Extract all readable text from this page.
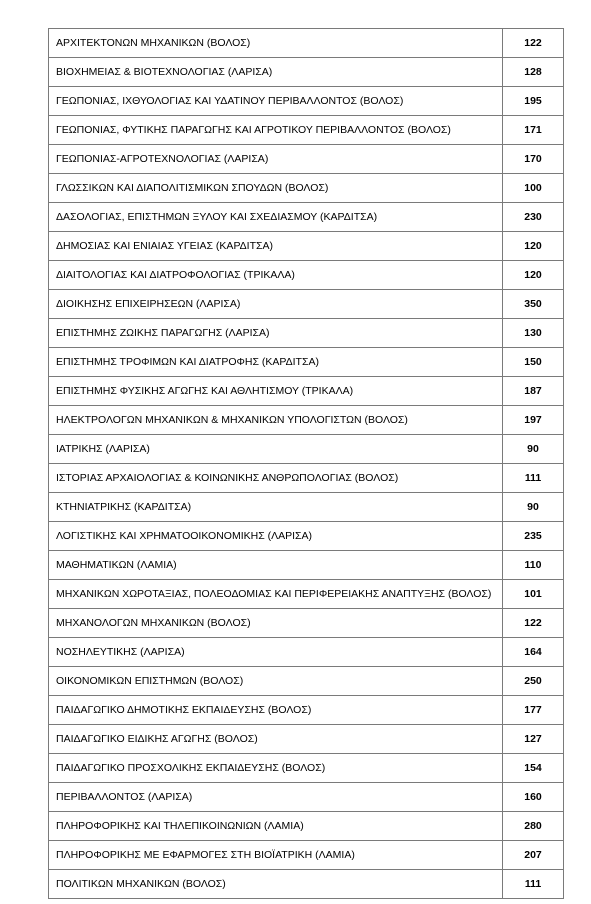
ΑΡΧΙΤΕΚΤΟΝΩΝ ΜΗΧΑΝΙΚΩΝ (ΒΟΛΟΣ)	122
ΒΙΟΧΗΜΕΙΑΣ & ΒΙΟΤΕΧΝΟΛΟΓΙΑΣ (ΛΑΡΙΣΑ)	128
ΓΕΩΠΟΝΙΑΣ, ΙΧΘΥΟΛΟΓΙΑΣ ΚΑΙ ΥΔΑΤΙΝΟΥ ΠΕΡΙΒΑΛΛΟΝΤΟΣ (ΒΟΛΟΣ)	195
ΓΕΩΠΟΝΙΑΣ, ΦΥΤΙΚΗΣ ΠΑΡΑΓΩΓΗΣ ΚΑΙ ΑΓΡΟΤΙΚΟΥ ΠΕΡΙΒΑΛΛΟΝΤΟΣ (ΒΟΛΟΣ)	171
ΓΕΩΠΟΝΙΑΣ-ΑΓΡΟΤΕΧΝΟΛΟΓΙΑΣ (ΛΑΡΙΣΑ)	170
ΓΛΩΣΣΙΚΩΝ ΚΑΙ ΔΙΑΠΟΛΙΤΙΣΜΙΚΩΝ ΣΠΟΥΔΩΝ (ΒΟΛΟΣ)	100
ΔΑΣΟΛΟΓΙΑΣ, ΕΠΙΣΤΗΜΩΝ ΞΥΛΟΥ ΚΑΙ ΣΧΕΔΙΑΣΜΟΥ (ΚΑΡΔΙΤΣΑ)	230
ΔΗΜΟΣΙΑΣ ΚΑΙ ΕΝΙΑΙΑΣ ΥΓΕΙΑΣ (ΚΑΡΔΙΤΣΑ)	120
ΔΙΑΙΤΟΛΟΓΙΑΣ ΚΑΙ ΔΙΑΤΡΟΦΟΛΟΓΙΑΣ (ΤΡΙΚΑΛΑ)	120
ΔΙΟΙΚΗΣΗΣ ΕΠΙΧΕΙΡΗΣΕΩΝ (ΛΑΡΙΣΑ)	350
ΕΠΙΣΤΗΜΗΣ ΖΩΙΚΗΣ ΠΑΡΑΓΩΓΗΣ (ΛΑΡΙΣΑ)	130
ΕΠΙΣΤΗΜΗΣ ΤΡΟΦΙΜΩΝ ΚΑΙ ΔΙΑΤΡΟΦΗΣ (ΚΑΡΔΙΤΣΑ)	150
ΕΠΙΣΤΗΜΗΣ ΦΥΣΙΚΗΣ ΑΓΩΓΗΣ ΚΑΙ ΑΘΛΗΤΙΣΜΟΥ (ΤΡΙΚΑΛΑ)	187
ΗΛΕΚΤΡΟΛΟΓΩΝ ΜΗΧΑΝΙΚΩΝ & ΜΗΧΑΝΙΚΩΝ ΥΠΟΛΟΓΙΣΤΩΝ (ΒΟΛΟΣ)	197
ΙΑΤΡΙΚΗΣ (ΛΑΡΙΣΑ)	90
ΙΣΤΟΡΙΑΣ ΑΡΧΑΙΟΛΟΓΙΑΣ & ΚΟΙΝΩΝΙΚΗΣ ΑΝΘΡΩΠΟΛΟΓΙΑΣ (ΒΟΛΟΣ)	111
ΚΤΗΝΙΑΤΡΙΚΗΣ (ΚΑΡΔΙΤΣΑ)	90
ΛΟΓΙΣΤΙΚΗΣ ΚΑΙ ΧΡΗΜΑΤΟΟΙΚΟΝΟΜΙΚΗΣ (ΛΑΡΙΣΑ)	235
ΜΑΘΗΜΑΤΙΚΩΝ (ΛΑΜΙΑ)	110
ΜΗΧΑΝΙΚΩΝ ΧΩΡΟΤΑΞΙΑΣ, ΠΟΛΕΟΔΟΜΙΑΣ ΚΑΙ ΠΕΡΙΦΕΡΕΙΑΚΗΣ ΑΝΑΠΤΥΞΗΣ (ΒΟΛΟΣ)	101
ΜΗΧΑΝΟΛΟΓΩΝ ΜΗΧΑΝΙΚΩΝ (ΒΟΛΟΣ)	122
ΝΟΣΗΛΕΥΤΙΚΗΣ (ΛΑΡΙΣΑ)	164
ΟΙΚΟΝΟΜΙΚΩΝ ΕΠΙΣΤΗΜΩΝ (ΒΟΛΟΣ)	250
ΠΑΙΔΑΓΩΓΙΚΟ ΔΗΜΟΤΙΚΗΣ ΕΚΠΑΙΔΕΥΣΗΣ (ΒΟΛΟΣ)	177
ΠΑΙΔΑΓΩΓΙΚΟ ΕΙΔΙΚΗΣ ΑΓΩΓΗΣ (ΒΟΛΟΣ)	127
ΠΑΙΔΑΓΩΓΙΚΟ ΠΡΟΣΧΟΛΙΚΗΣ ΕΚΠΑΙΔΕΥΣΗΣ (ΒΟΛΟΣ)	154
ΠΕΡΙΒΑΛΛΟΝΤΟΣ (ΛΑΡΙΣΑ)	160
ΠΛΗΡΟΦΟΡΙΚΗΣ ΚΑΙ ΤΗΛΕΠΙΚΟΙΝΩΝΙΩΝ (ΛΑΜΙΑ)	280
ΠΛΗΡΟΦΟΡΙΚΗΣ ΜΕ ΕΦΑΡΜΟΓΕΣ ΣΤΗ ΒΙΟΪΑΤΡΙΚΗ (ΛΑΜΙΑ)	207
ΠΟΛΙΤΙΚΩΝ ΜΗΧΑΝΙΚΩΝ (ΒΟΛΟΣ)	111
